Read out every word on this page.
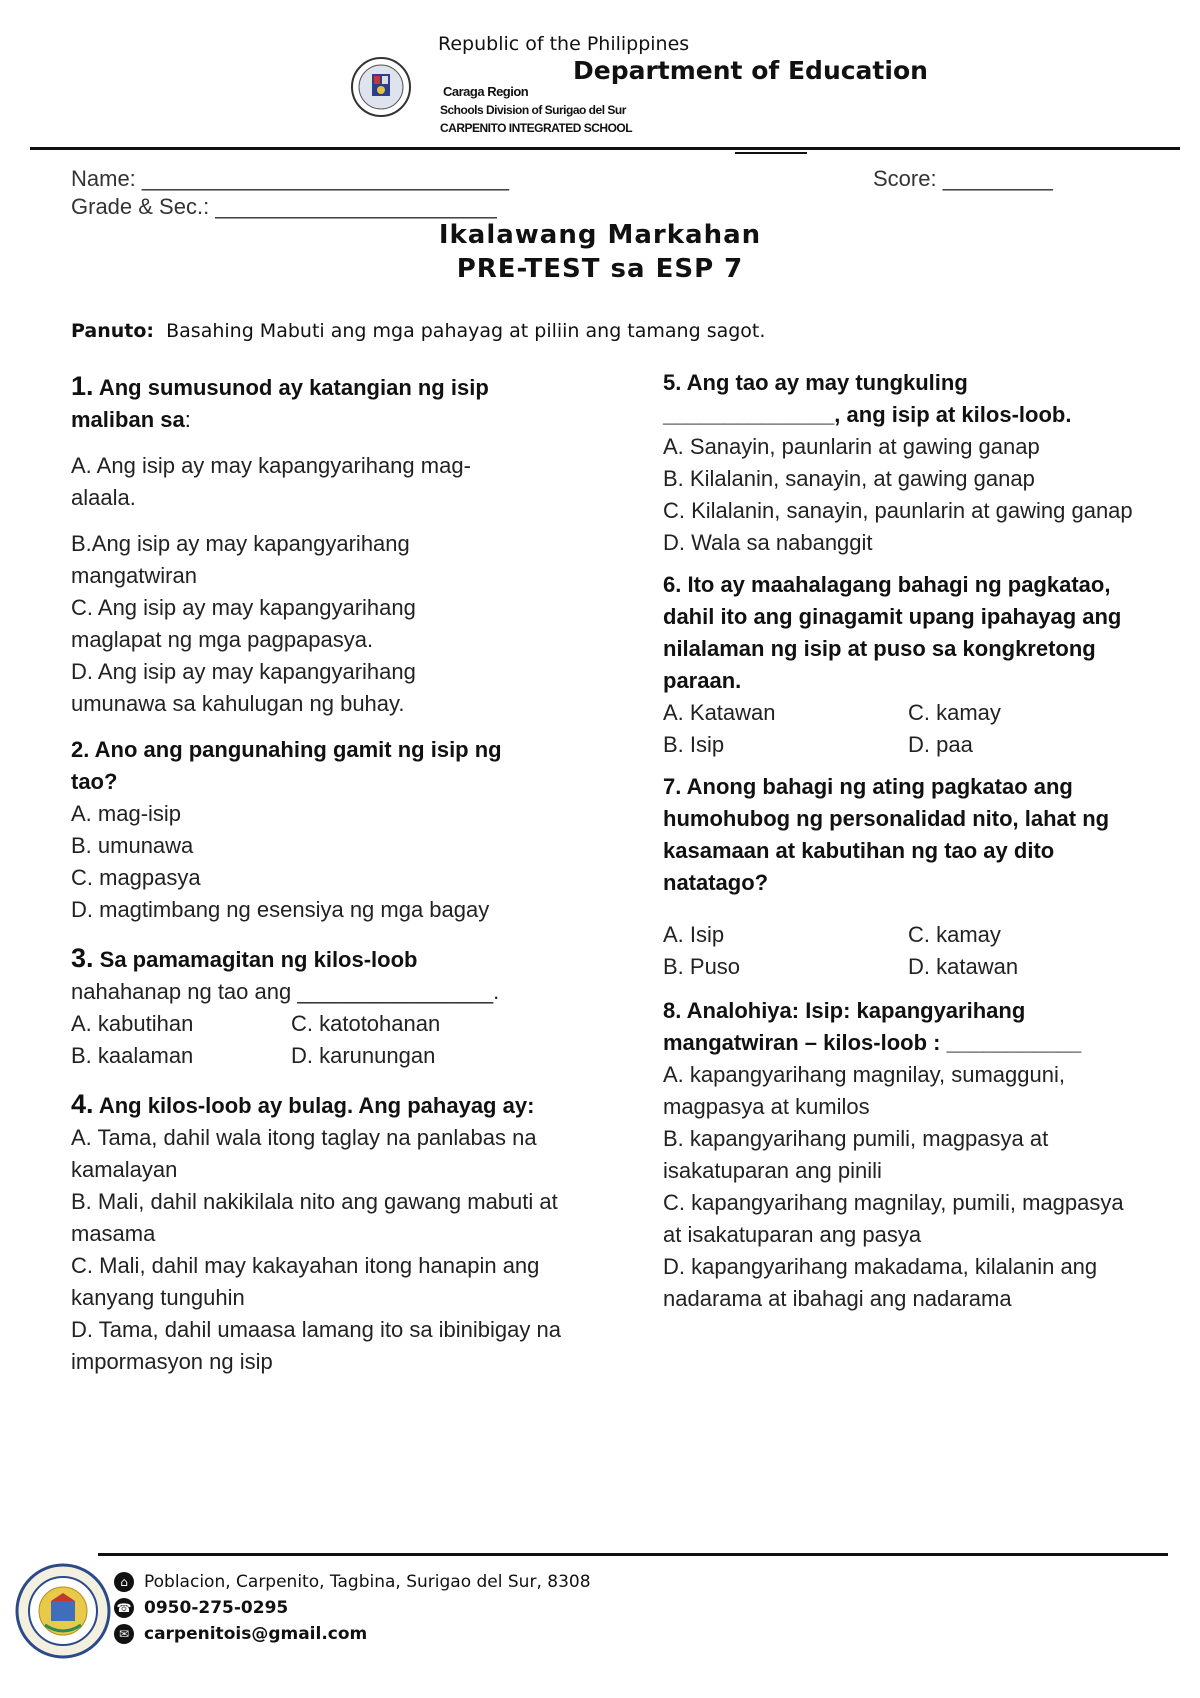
Republic of the Philippines
Department of Education
Caraga Region
Schools Division of Surigao del Sur
CARPENITO INTEGRATED SCHOOL
Name: ______________________________	Score: _________
Grade & Sec.: _______________________
Ikalawang Markahan
PRE-TEST sa ESP 7
Panuto: Basahing Mabuti ang mga pahayag at piliin ang tamang sagot.
1. Ang sumusunod ay katangian ng isip maliban sa:
A. Ang isip ay may kapangyarihang mag-alaala.
B.Ang isip ay may kapangyarihang mangatwiran
C. Ang isip ay may kapangyarihang maglapat ng mga pagpapasya.
D. Ang isip ay may kapangyarihang umunawa sa kahulugan ng buhay.
2. Ano ang pangunahing gamit ng isip ng tao?
A. mag-isip
B. umunawa
C. magpasya
D. magtimbang ng esensiya ng mga bagay
3. Sa pamamagitan ng kilos-loob
nahahanap ng tao ang ________________.
A. kabutihan	C. katotohanan
B. kaalaman	D. karunungan
4. Ang kilos-loob ay bulag. Ang pahayag ay:
A. Tama, dahil wala itong taglay na panlabas na kamalayan
B. Mali, dahil nakikilala nito ang gawang mabuti at masama
C. Mali, dahil may kakayahan itong hanapin ang kanyang tunguhin
D. Tama, dahil umaasa lamang ito sa ibinibigay na impormasyon ng isip
5. Ang tao ay may tungkuling ______________, ang isip at kilos-loob.
A. Sanayin, paunlarin at gawing ganap
B. Kilalanin, sanayin, at gawing ganap
C. Kilalanin, sanayin, paunlarin at gawing ganap
D. Wala sa nabanggit
6. Ito ay maahalagang bahagi ng pagkatao, dahil ito ang ginagamit upang ipahayag ang nilalaman ng isip at puso sa kongkretong paraan.
A. Katawan	C. kamay
B. Isip	D. paa
7. Anong bahagi ng ating pagkatao ang humohubog ng personalidad nito, lahat ng kasamaan at kabutihan ng tao ay dito natatago?
A. Isip	C. kamay
B. Puso	D. katawan
8. Analohiya: Isip: kapangyarihang mangatwiran – kilos-loob : ___________
A. kapangyarihang magnilay, sumagguni, magpasya at kumilos
B. kapangyarihang pumili, magpasya at isakatuparan ang pinili
C. kapangyarihang magnilay, pumili, magpasya at isakatuparan ang pasya
D. kapangyarihang makadama, kilalanin ang nadarama at ibahagi ang nadarama
⌂ Poblacion, Carpenito, Tagbina, Surigao del Sur, 8308
☎ 0950-275-0295
✉ carpenitois@gmail.com
